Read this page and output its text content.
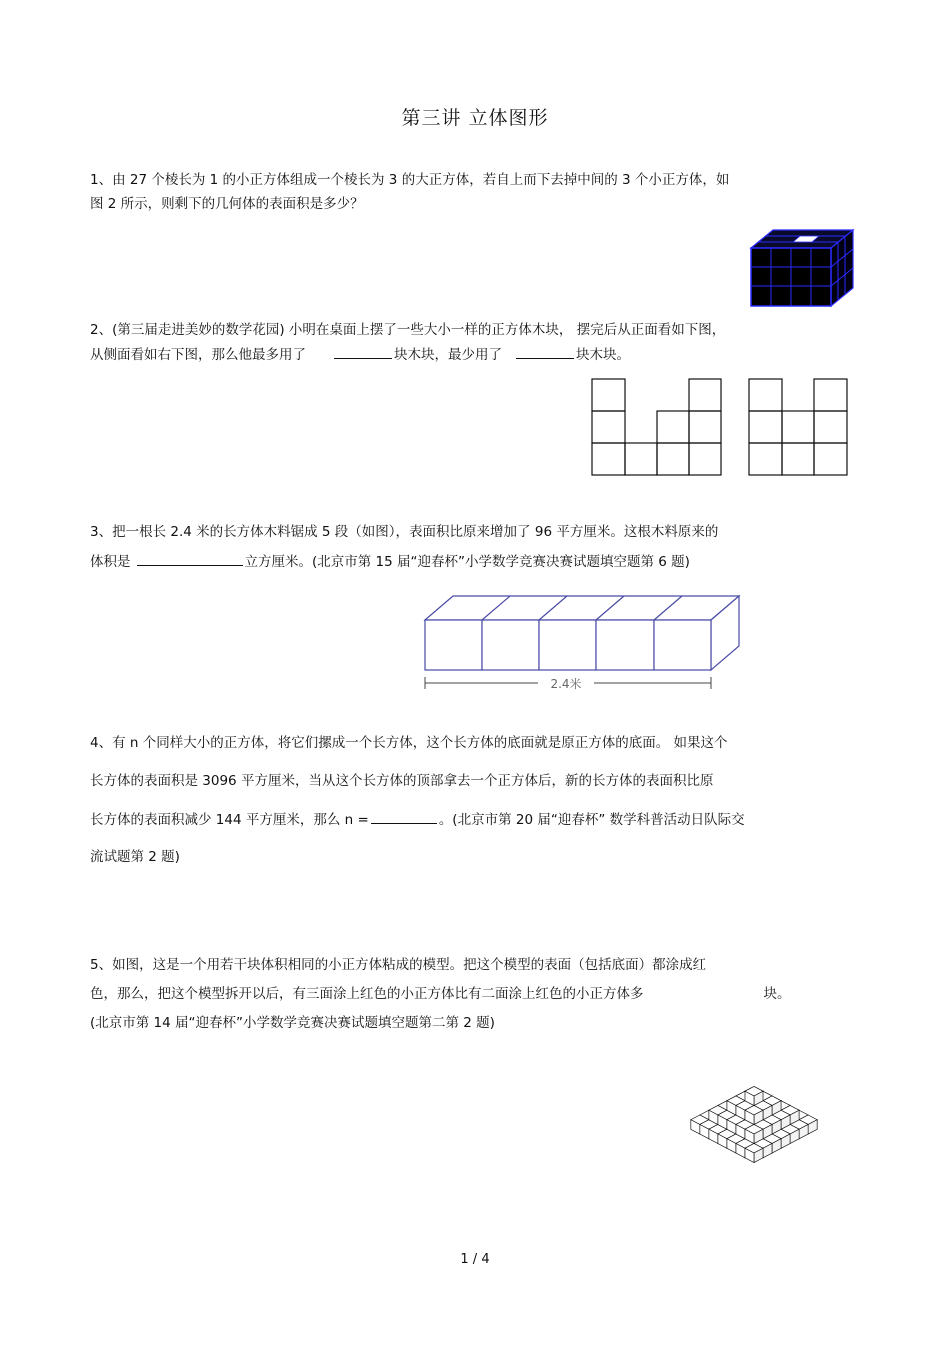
第三讲 立体图形
1、由 27 个棱长为 1 的小正方体组成一个棱长为 3 的大正方体，若自上而下去掉中间的 3 个小正方体，如
图 2 所示，则剩下的几何体的表面积是多少？
2、(第三届走进美妙的数学花园) 小明在桌面上摆了一些大小一样的正方体木块， 摆完后从正面看如下图，
从侧面看如右下图，那么他最多用了	块木块，最少用了	块木块。
3、把一根长 2.4 米的长方体木料锯成 5 段（如图），表面积比原来增加了 96 平方厘米。这根木料原来的
体积是	立方厘米。(北京市第 15 届“迎春杯”小学数学竞赛决赛试题填空题第 6 题)
2.4米
4、有 n 个同样大小的正方体，将它们摞成一个长方体，这个长方体的底面就是原正方体的底面。 如果这个
长方体的表面积是 3096 平方厘米，当从这个长方体的顶部拿去一个正方体后，新的长方体的表面积比原
长方体的表面积减少 144 平方厘米，那么 n =	。(北京市第 20 届“迎春杯” 数学科普活动日队际交
流试题第 2 题)
5、如图，这是一个用若干块体积相同的小正方体粘成的模型。把这个模型的表面（包括底面）都涂成红
色，那么，把这个模型拆开以后，有三面涂上红色的小正方体比有二面涂上红色的小正方体多	块。
(北京市第 14 届“迎春杯”小学数学竞赛决赛试题填空题第二第 2 题)
1 / 4
